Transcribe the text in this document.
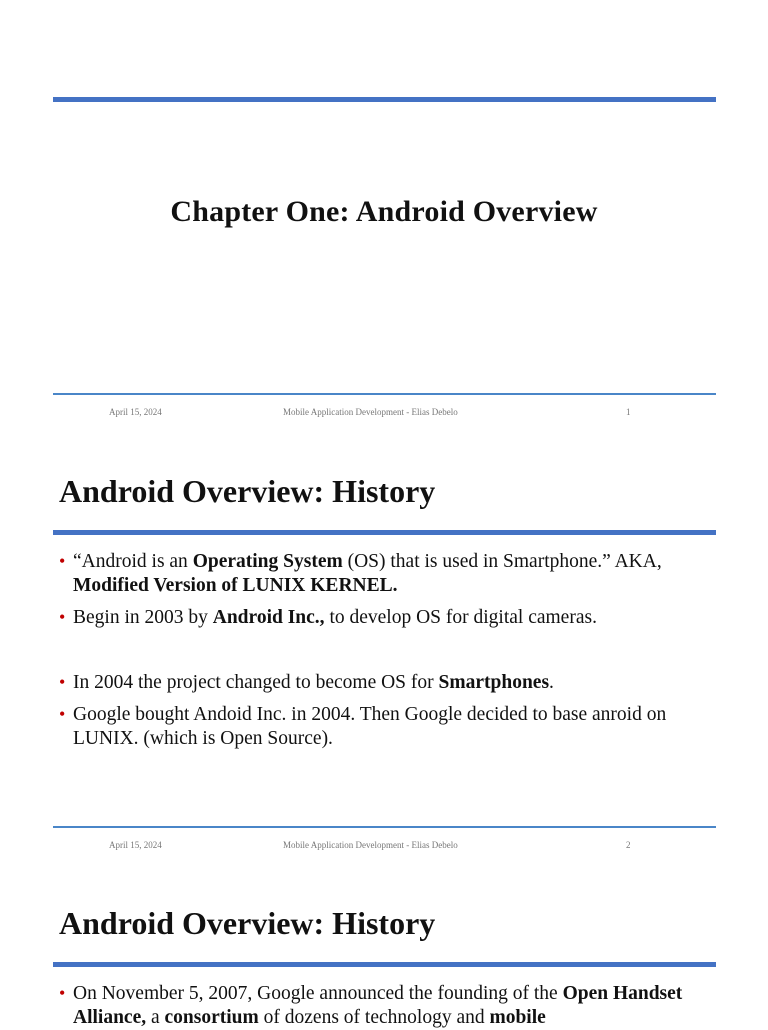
Chapter One: Android Overview
April 15, 2024	Mobile Application Development - Elias Debelo	1
Android Overview: History
• “Android is an Operating System (OS) that is used in Smartphone.” AKA, Modified Version of LUNIX KERNEL.
• Begin in 2003 by Android Inc., to develop OS for digital cameras.
• In 2004 the project changed to become OS for Smartphones.
• Google bought Andoid Inc. in 2004. Then Google decided to base anroid on LUNIX. (which is Open Source).
April 15, 2024	Mobile Application Development - Elias Debelo	2
Android Overview: History
• On November 5, 2007, Google announced the founding of the Open Handset Alliance, a consortium of dozens of technology and mobile
